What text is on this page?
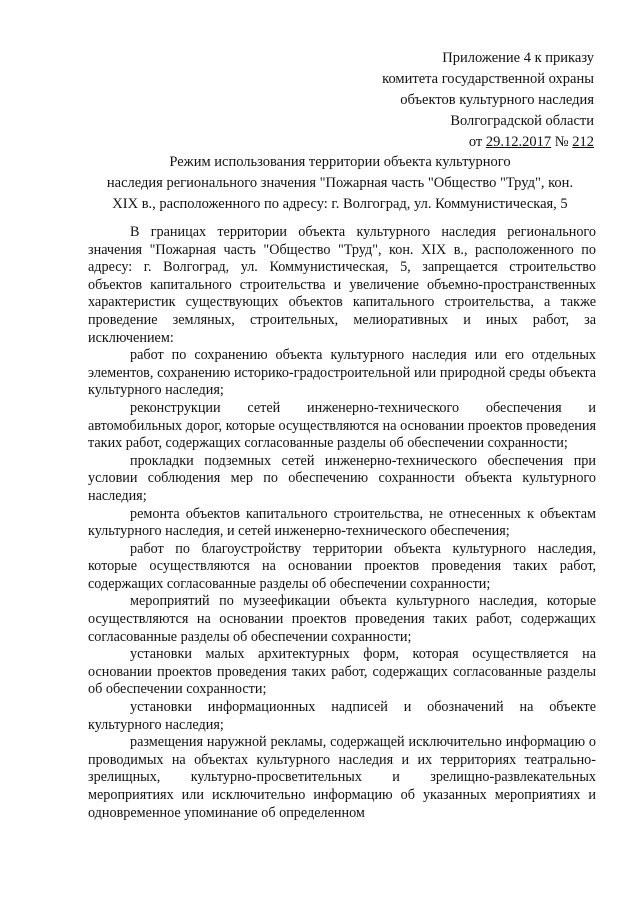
Приложение 4 к приказу
комитета государственной охраны
объектов культурного наследия
Волгоградской области
от 29.12.2017 № 212
Режим использования территории объекта культурного
наследия регионального значения "Пожарная часть "Общество "Труд", кон.
XIX в., расположенного по адресу: г. Волгоград, ул. Коммунистическая, 5

В границах территории объекта культурного наследия регионального значения "Пожарная часть "Общество "Труд", кон. XIX в., расположенного по адресу: г. Волгоград, ул. Коммунистическая, 5, запрещается строительство объектов капитального строительства и увеличение объемно-пространственных характеристик существующих объектов капитального строительства, а также проведение земляных, строительных, мелиоративных и иных работ, за исключением:

работ по сохранению объекта культурного наследия или его отдельных элементов, сохранению историко-градостроительной или природной среды объекта культурного наследия;

реконструкции сетей инженерно-технического обеспечения и автомобильных дорог, которые осуществляются на основании проектов проведения таких работ, содержащих согласованные разделы об обеспечении сохранности;

прокладки подземных сетей инженерно-технического обеспечения при условии соблюдения мер по обеспечению сохранности объекта культурного наследия;

ремонта объектов капитального строительства, не отнесенных к объектам культурного наследия, и сетей инженерно-технического обеспечения;

работ по благоустройству территории объекта культурного наследия, которые осуществляются на основании проектов проведения таких работ, содержащих согласованные разделы об обеспечении сохранности;

мероприятий по музеефикации объекта культурного наследия, которые осуществляются на основании проектов проведения таких работ, содержащих согласованные разделы об обеспечении сохранности;

установки малых архитектурных форм, которая осуществляется на основании проектов проведения таких работ, содержащих согласованные разделы об обеспечении сохранности;

установки информационных надписей и обозначений на объекте культурного наследия;

размещения наружной рекламы, содержащей исключительно информацию о проводимых на объектах культурного наследия и их территориях театрально-зрелищных, культурно-просветительных и зрелищно-развлекательных мероприятиях или исключительно информацию об указанных мероприятиях и одновременное упоминание об определенном
